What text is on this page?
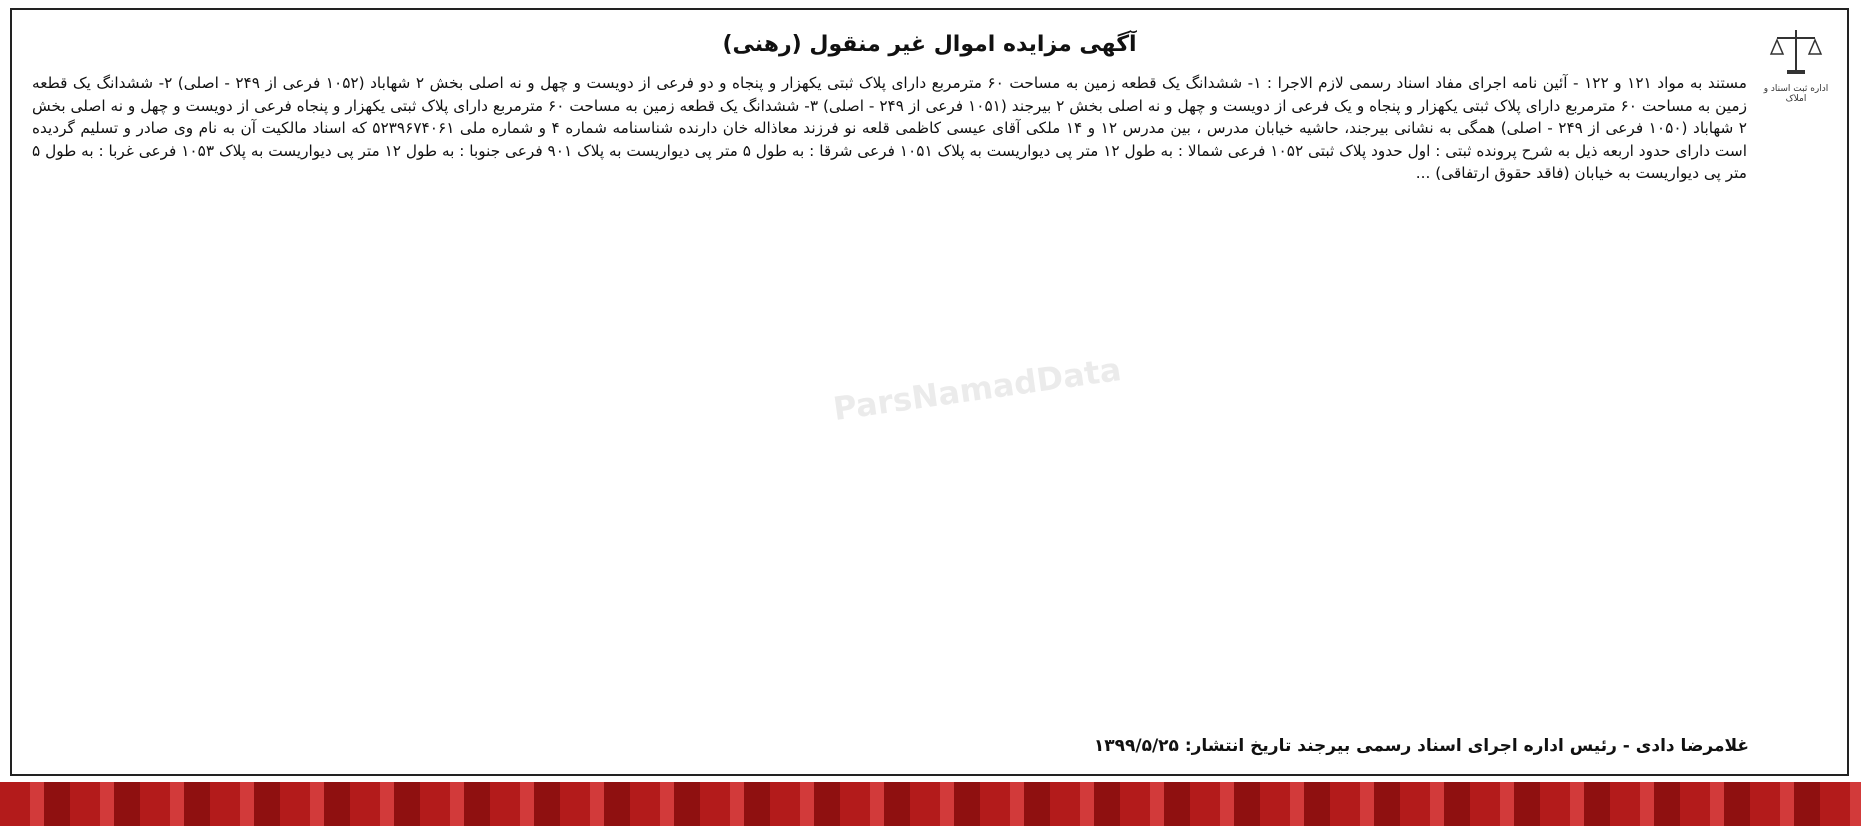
اداره ثبت اسناد و املاک
آگهی مزایده اموال غیر منقول (رهنی)

مستند به مواد ۱۲۱ و ۱۲۲ - آئین نامه اجرای مفاد اسناد رسمی لازم الاجرا : ۱- ششدانگ یک قطعه زمین به مساحت ۶۰ مترمربع دارای پلاک ثبتی یکهزار و پنجاه و دو فرعی از دویست و چهل و نه اصلی بخش ۲ شهاباد (۱۰۵۲ فرعی از ۲۴۹ - اصلی) ۲- ششدانگ یک قطعه زمین به مساحت ۶۰ مترمربع دارای پلاک ثبتی یکهزار و پنجاه و یک فرعی از دویست و چهل و نه اصلی بخش ۲ بیرجند (۱۰۵۱ فرعی از ۲۴۹ - اصلی) ۳- ششدانگ یک قطعه زمین به مساحت ۶۰ مترمربع دارای پلاک ثبتی یکهزار و پنجاه فرعی از دویست و چهل و نه اصلی بخش ۲ شهاباد (۱۰۵۰ فرعی از ۲۴۹ - اصلی) همگی به نشانی بیرجند، حاشیه خیابان مدرس ، بین مدرس ۱۲ و ۱۴ ملکی آقای عیسی کاظمی قلعه نو فرزند معاذاله خان دارنده شناسنامه شماره ۴ و شماره ملی ۵۲۳۹۶۷۴۰۶۱ که اسناد مالکیت آن به نام وی صادر و تسلیم گردیده است دارای حدود اربعه ذیل به شرح پرونده ثبتی : اول حدود پلاک ثبتی ۱۰۵۲ فرعی شمالا : به طول ۱۲ متر پی دیواریست به پلاک ۱۰۵۱ فرعی شرقا : به طول ۵ متر پی دیواریست به پلاک ۹۰۱ فرعی جنوبا : به طول ۱۲ متر پی دیواریست به پلاک ۱۰۵۳ فرعی غربا : به طول ۵ متر پی دیواریست به خیابان (فاقد حقوق ارتفاقی) ...

ParsNamadData
غلامرضا دادی - رئیس اداره اجرای اسناد رسمی بیرجند تاریخ انتشار: ۱۳۹۹/۵/۲۵
